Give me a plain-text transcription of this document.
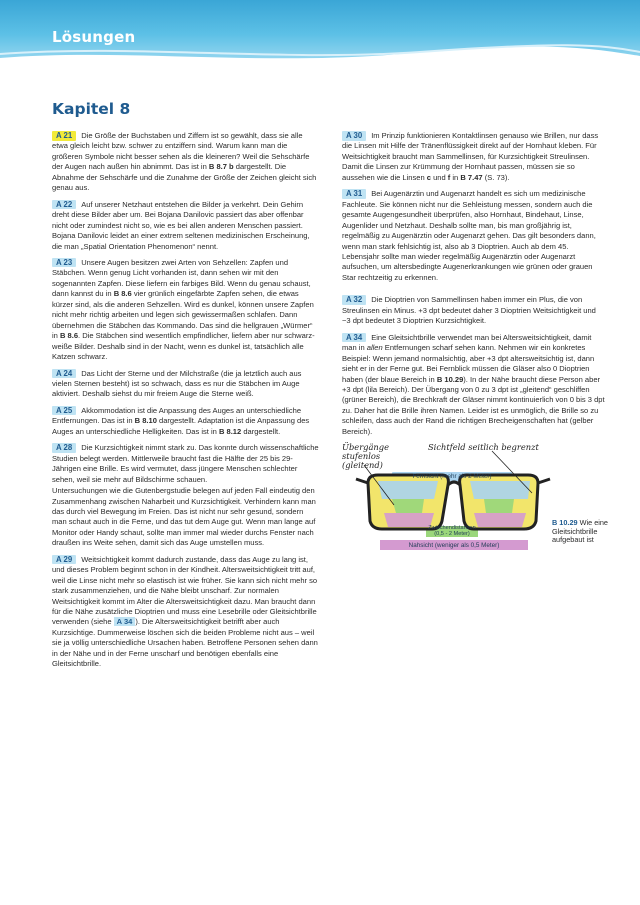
Lösungen
Kapitel 8
A 21 Die Größe der Buchstaben und Ziffern ist so gewählt, dass sie alle etwa gleich leicht bzw. schwer zu entziffern sind. Warum kann man die größeren Symbole nicht besser sehen als die kleineren? Weil die Sehschärfe der Augen nach außen hin abnimmt. Das ist in B 8.7 b dargestellt. Die Abnahme der Sehschärfe und die Zunahme der Größe der Zeichen gleicht sich genau aus.
A 22 Auf unserer Netzhaut entstehen die Bilder ja verkehrt. Dein Gehirn dreht diese Bilder aber um. Bei Bojana Danilovic passiert das aber offenbar nicht oder zumindest nicht so, wie es bei allen anderen Menschen passiert. Bojana Danilovic leidet an einer extrem seltenen medizinischen Erscheinung, die man „Spatial Orientation Phenomenon“ nennt.
A 23 Unsere Augen besitzen zwei Arten von Sehzellen: Zapfen und Stäbchen. Wenn genug Licht vorhanden ist, dann sehen wir mit den sogenannten Zapfen. Diese liefern ein farbiges Bild. Wenn du genau schaust, dann kannst du in B 8.6 vier grünlich eingefärbte Zapfen sehen, die etwas kürzer sind, als die anderen Sehzellen. Wird es dunkel, können unsere Zapfen nicht mehr richtig arbeiten und legen sich gewissermaßen schlafen. Dann übernehmen die Stäbchen das Kommando. Das sind die hellgrauen „Würmer“ in B 8.6. Die Stäbchen sind wesentlich empfindlicher, liefern aber nur schwarz-weiße Bilder. Deshalb sind in der Nacht, wenn es dunkel ist, tatsächlich alle Katzen schwarz.
A 24 Das Licht der Sterne und der Milchstraße (die ja letztlich auch aus vielen Sternen besteht) ist so schwach, dass es nur die Stäbchen im Auge aktiviert. Deshalb siehst du mir freiem Auge die Sterne weiß.
A 25 Akkommodation ist die Anpassung des Auges an unterschiedliche Entfernungen. Das ist in B 8.10 dargestellt. Adaptation ist die Anpassung des Auges an unterschiedliche Helligkeiten. Das ist in B 8.12 dargestellt.
A 28 Die Kurzsichtigkeit nimmt stark zu. Das konnte durch wissenschaftliche Studien belegt werden. Mittlerweile braucht fast die Hälfte der 25 bis 29-Jährigen eine Brille. Es wird vermutet, dass jüngere Menschen schlechter sehen, weil sie mehr auf Bildschirme schauen.
Untersuchungen wie die Gutenbergstudie belegen auf jeden Fall eindeutig den Zusammenhang zwischen Naharbeit und Kurzsichtigkeit. Verhindern kann man das durch viel Bewegung im Freien. Das ist nicht nur sehr gesund, sondern man schaut auch in die Ferne, und das tut dem Auge gut. Wenn man lange auf Monitor oder Handy schaut, sollte man immer mal wieder durchs Fenster nach draußen ins Weite sehen, damit sich das Auge umstellen muss.
A 29 Weitsichtigkeit kommt dadurch zustande, dass das Auge zu lang ist, und dieses Problem beginnt schon in der Kindheit. Altersweitsichtigkeit tritt auf, weil die Linse nicht mehr so elastisch ist wie früher. Sie kann sich nicht mehr so stark zusammenziehen, und die Nähe bleibt unscharf. Zur normalen Weitsichtigkeit kommt im Alter die Altersweitsichtigkeit dazu. Man braucht dann für die Nähe zusätzliche Dioptrien und muss eine Lesebrille oder Gleitsichtbrille verwenden (siehe A 34 ). Die Altersweitsichtigkeit betrifft aber auch Kurzsichtige. Dummerweise löschen sich die beiden Probleme nicht aus – weil sie ja völlig unterschiedliche Ursachen haben. Betroffene Personen sehen dann in der Nähe und in der Ferne unscharf und benötigen ebenfalls eine Gleitsichtbrille.
A 30 Im Prinzip funktionieren Kontaktlinsen genauso wie Brillen, nur dass die Linsen mit Hilfe der Tränenflüssigkeit direkt auf der Hornhaut kleben. Für Weitsichtigkeit braucht man Sammellinsen, für Kurzsichtigkeit Streulinsen. Damit die Linsen zur Krümmung der Hornhaut passen, müssen sie so aussehen wie die Linsen c und f in B 7.47 (S. 73).
A 31 Bei Augenärztin und Augenarzt handelt es sich um medizinische Fachleute. Sie können nicht nur die Sehleistung messen, sondern auch die gesamte Augengesundheit überprüfen, also Hornhaut, Bindehaut, Linse, Augenlider und Netzhaut. Deshalb sollte man, bis man großjährig ist, regelmäßig zu Augenärztin oder Augenarzt gehen. Das gilt besonders dann, wenn man stark fehlsichtig ist, also ab 3 Dioptrien. Auch ab dem 45. Lebensjahr sollte man wieder regelmäßig Augenärztin oder Augenarzt aufsuchen, um altersbedingte Augenerkrankungen wie grünen oder grauen Star rechtzeitig zu erkennen.
A 32 Die Dioptrien von Sammellinsen haben immer ein Plus, die von Streulinsen ein Minus. +3 dpt bedeutet daher 3 Dioptrien Weitsichtigkeit und −3 dpt bedeutet 3 Dioptrien Kurzsichtigkeit.
A 34 Eine Gleitsichtbrille verwendet man bei Altersweitsichtigkeit, damit man in allen Entfernungen scharf sehen kann. Nehmen wir ein konkretes Beispiel: Wenn jemand normalsichtig, aber +3 dpt altersweitsichtig ist, dann sieht er in der Ferne gut. Bei Fernblick müssen die Gläser also 0 Dioptrien haben (der blaue Bereich in B 10.29). In der Nähe braucht diese Person aber +3 dpt (lila Bereich). Der Übergang von 0 zu 3 dpt ist „gleitend“ geschliffen (grüner Bereich), die Brechkraft der Gläser nimmt kontinuierlich von 0 bis 3 dpt zu. Daher hat die Brille ihren Namen. Leider ist es unmöglich, die Brille so zu schleifen, dass auch der Rand die richtigen Brecheigenschaften hat (gelber Bereich).
Übergänge stufenlos (gleitend)
Sichtfeld seitlich begrenzt
Fernsicht (mehr als 2 Meter)
Zwischendistanzen (0,5 - 2 Meter)
Nahsicht (weniger als 0,5 Meter)
B 10.29 Wie eine Gleitsichtbrille aufgebaut ist
